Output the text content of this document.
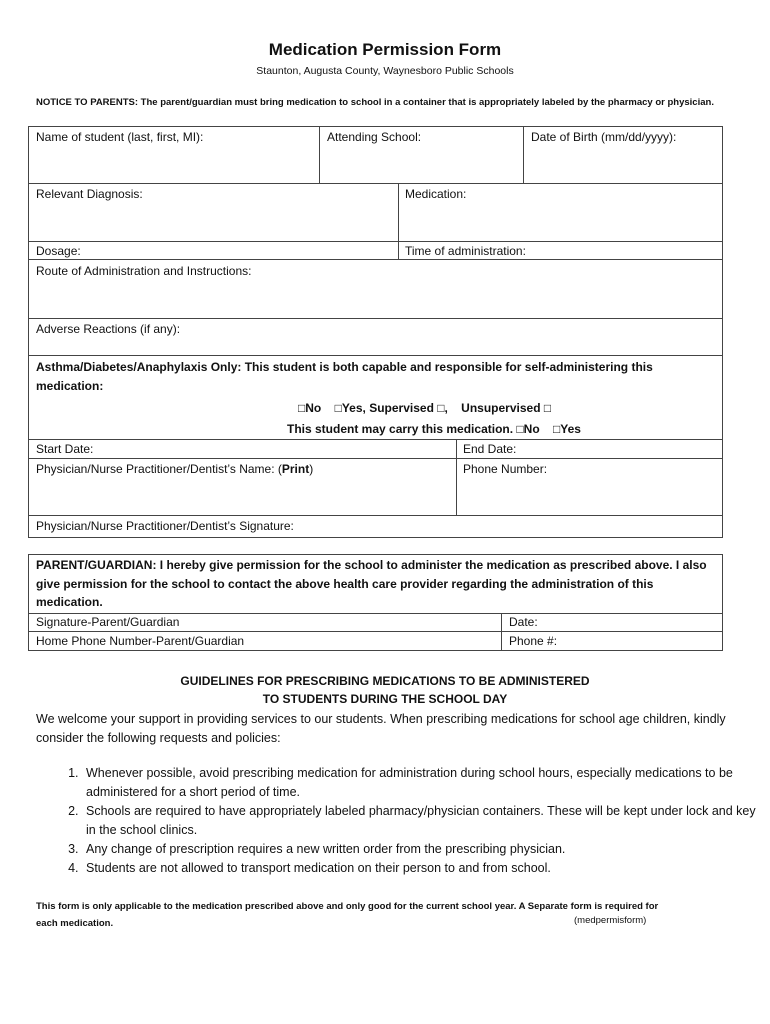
Medication Permission Form
Staunton, Augusta County, Waynesboro Public Schools
NOTICE TO PARENTS: The parent/guardian must bring medication to school in a container that is appropriately labeled by the pharmacy or physician.
Name of student (last, first, MI):	Attending School:	Date of Birth (mm/dd/yyyy):
Relevant Diagnosis:	Medication:
Dosage:	Time of administration:
Route of Administration and Instructions:
Adverse Reactions (if any):
Asthma/Diabetes/Anaphylaxis Only: This student is both capable and responsible for self-administering this medication:
□No □Yes, Supervised □,    Unsupervised □
This student may carry this medication. □No □Yes
Start Date:	End Date:
Physician/Nurse Practitioner/Dentist’s Name: (Print)	Phone Number:
Physician/Nurse Practitioner/Dentist’s Signature:
PARENT/GUARDIAN: I hereby give permission for the school to administer the medication as prescribed above. I also give permission for the school to contact the above health care provider regarding the administration of this medication.
Signature-Parent/Guardian	Date:
Home Phone Number-Parent/Guardian	Phone #:
GUIDELINES FOR PRESCRIBING MEDICATIONS TO BE ADMINISTERED
TO STUDENTS DURING THE SCHOOL DAY
We welcome your support in providing services to our students. When prescribing medications for school age children, kindly consider the following requests and policies:
1. Whenever possible, avoid prescribing medication for administration during school hours, especially medications to be administered for a short period of time.
2. Schools are required to have appropriately labeled pharmacy/physician containers. These will be kept under lock and key in the school clinics.
3. Any change of prescription requires a new written order from the prescribing physician.
4. Students are not allowed to transport medication on their person to and from school.
This form is only applicable to the medication prescribed above and only good for the current school year. A Separate form is required for each medication.	(medpermisform)
